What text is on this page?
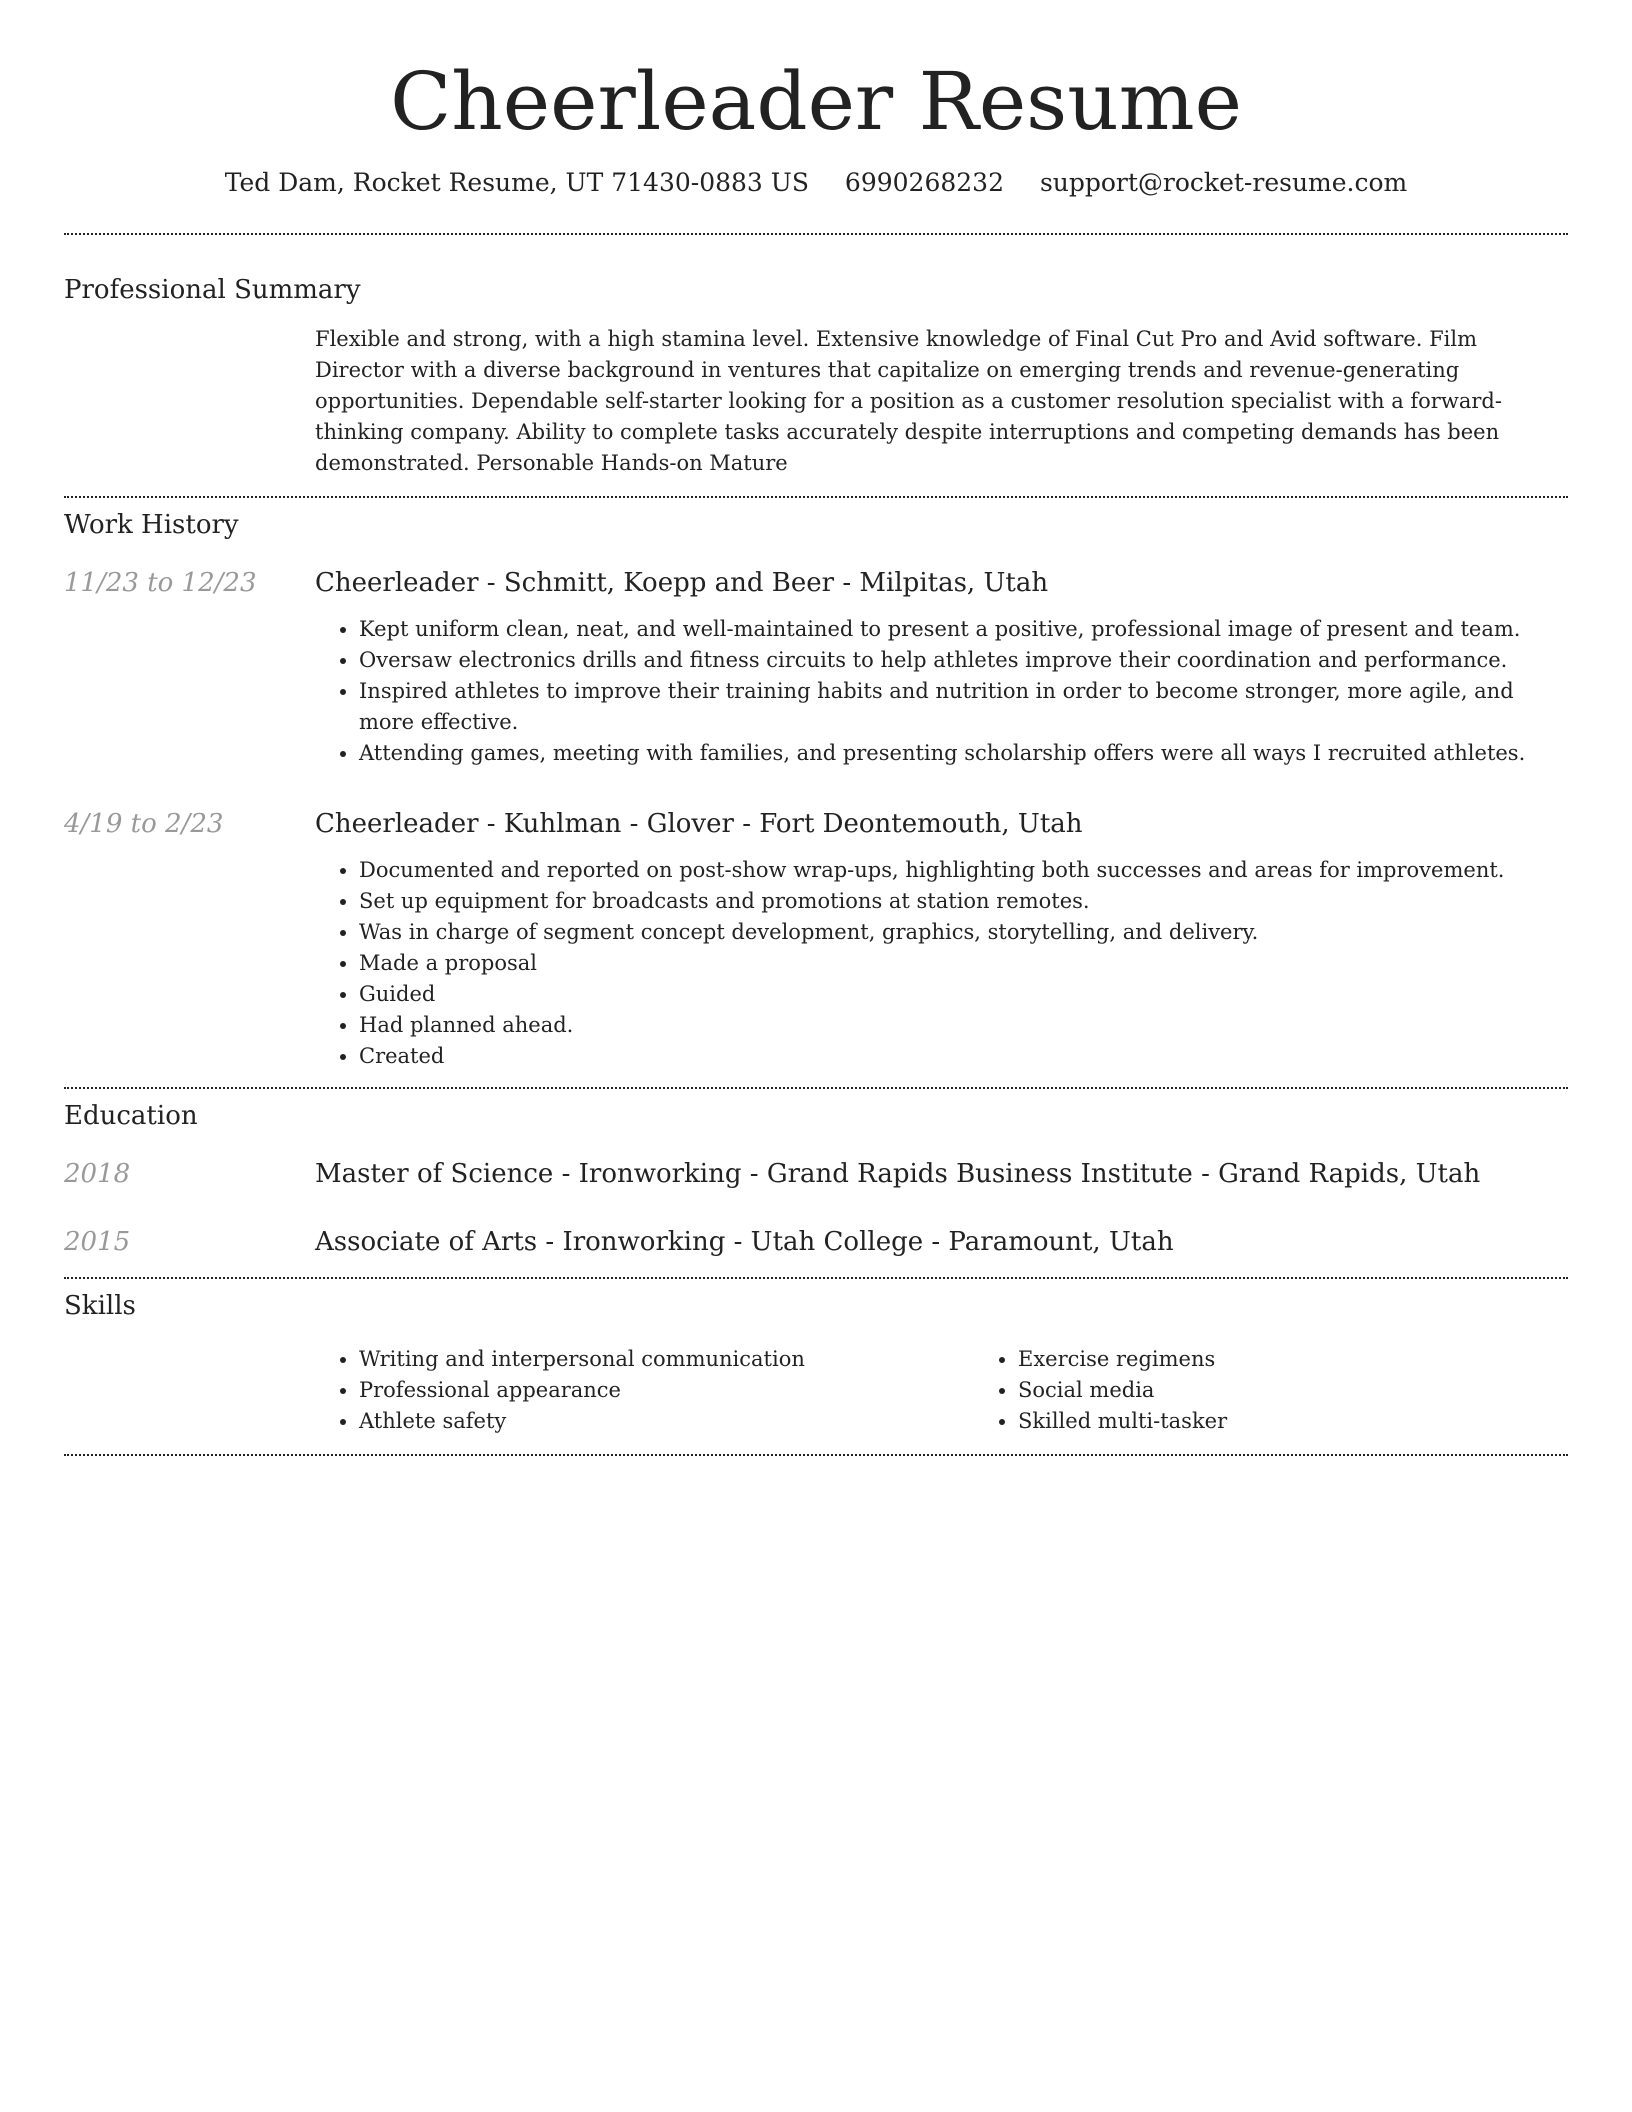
Cheerleader Resume
Ted Dam, Rocket Resume, UT 71430-0883 US 6990268232 support@rocket-resume.com
Professional Summary

Flexible and strong, with a high stamina level. Extensive knowledge of Final Cut Pro and Avid software. Film Director with a diverse background in ventures that capitalize on emerging trends and revenue-generating opportunities. Dependable self-starter looking for a position as a customer resolution specialist with a forward-thinking company. Ability to complete tasks accurately despite interruptions and competing demands has been demonstrated. Personable Hands-on Mature

Work History
11/23 to 12/23	Cheerleader - Schmitt, Koepp and Beer - Milpitas, Utah
• Kept uniform clean, neat, and well-maintained to present a positive, professional image of present and team.
• Oversaw electronics drills and fitness circuits to help athletes improve their coordination and performance.
• Inspired athletes to improve their training habits and nutrition in order to become stronger, more agile, and more effective.
• Attending games, meeting with families, and presenting scholarship offers were all ways I recruited athletes.
4/19 to 2/23	Cheerleader - Kuhlman - Glover - Fort Deontemouth, Utah
• Documented and reported on post-show wrap-ups, highlighting both successes and areas for improvement.
• Set up equipment for broadcasts and promotions at station remotes.
• Was in charge of segment concept development, graphics, storytelling, and delivery.
• Made a proposal
• Guided
• Had planned ahead.
• Created
Education
2018	Master of Science - Ironworking - Grand Rapids Business Institute - Grand Rapids, Utah
2015	Associate of Arts - Ironworking - Utah College - Paramount, Utah
Skills
• Writing and interpersonal communication
• Professional appearance
• Athlete safety
• Exercise regimens
• Social media
• Skilled multi-tasker
